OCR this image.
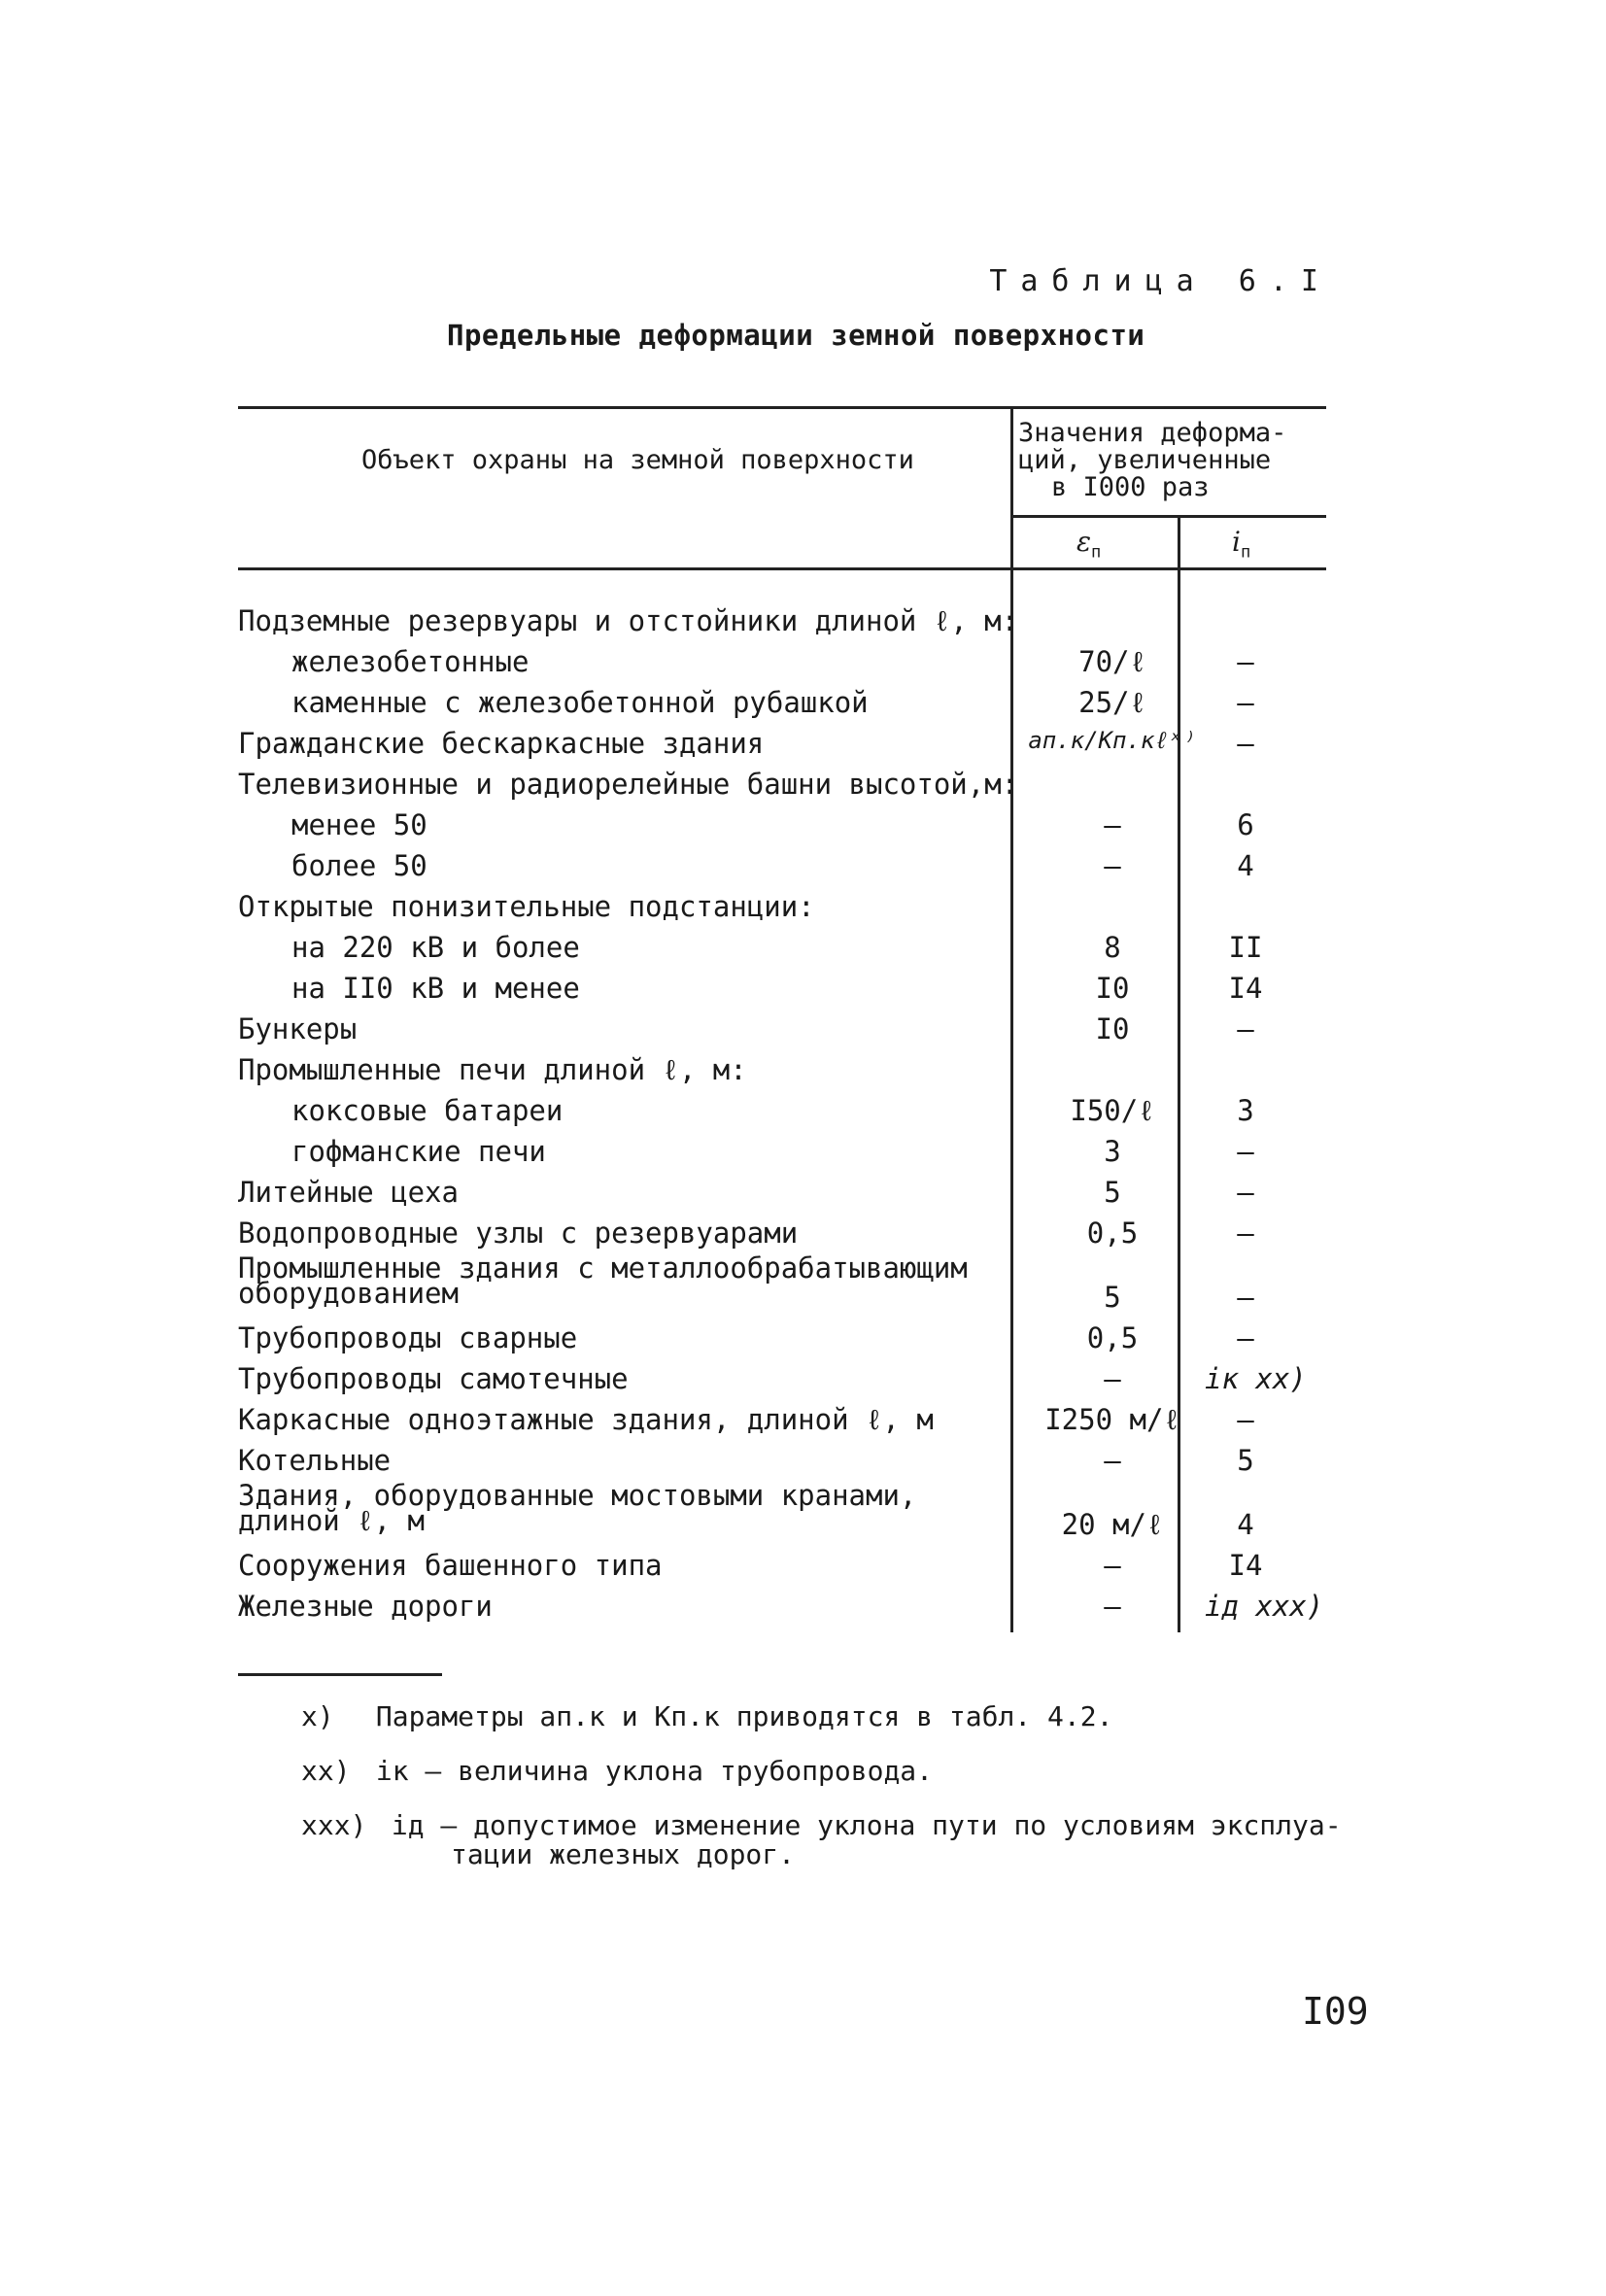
Таблица 6.I
Предельные деформации земной поверхности
Объект охраны на земной поверхности
Значения деформа-
ций, увеличенные
в I000 раз
$\varepsilon_п$	$i_п$
Подземные резервуары и отстойники длиной ℓ, м:
железобетонные	70/ℓ	–
каменные с железобетонной рубашкой	25/ℓ	–
Гражданские бескаркасные здания	aп.к/Kп.кℓˣ⁾	–
Телевизионные и радиорелейные башни высотой,м:
менее 50	–	6
более 50	–	4
Открытые понизительные подстанции:
на 220 кВ и более	8	II
на II0 кВ и менее	I0	I4
Бункеры	I0	–
Промышленные печи длиной ℓ, м:
коксовые батареи	I50/ℓ	3
гофманские печи	3	–
Литейные цеха	5	–
Водопроводные узлы с резервуарами	0,5	–
Промышленные здания с металлообрабатывающим
оборудованием	5	–
Трубопроводы сварные	0,5	–
Трубопроводы самотечные	–	iк xx)
Каркасные одноэтажные здания, длиной ℓ, м	I250 м/ℓ	–
Котельные	–	5
Здания, оборудованные мостовыми кранами,
длиной ℓ, м	20 м/ℓ	4
Сооружения башенного типа	–	I4
Железные дороги	–	iд xxx)
x) Параметры aп.к и Kп.к приводятся в табл. 4.2.
xx) iк – величина уклона трубопровода.
xxx) iд – допустимое изменение уклона пути по условиям эксплуа-
тации железных дорог.
I09
